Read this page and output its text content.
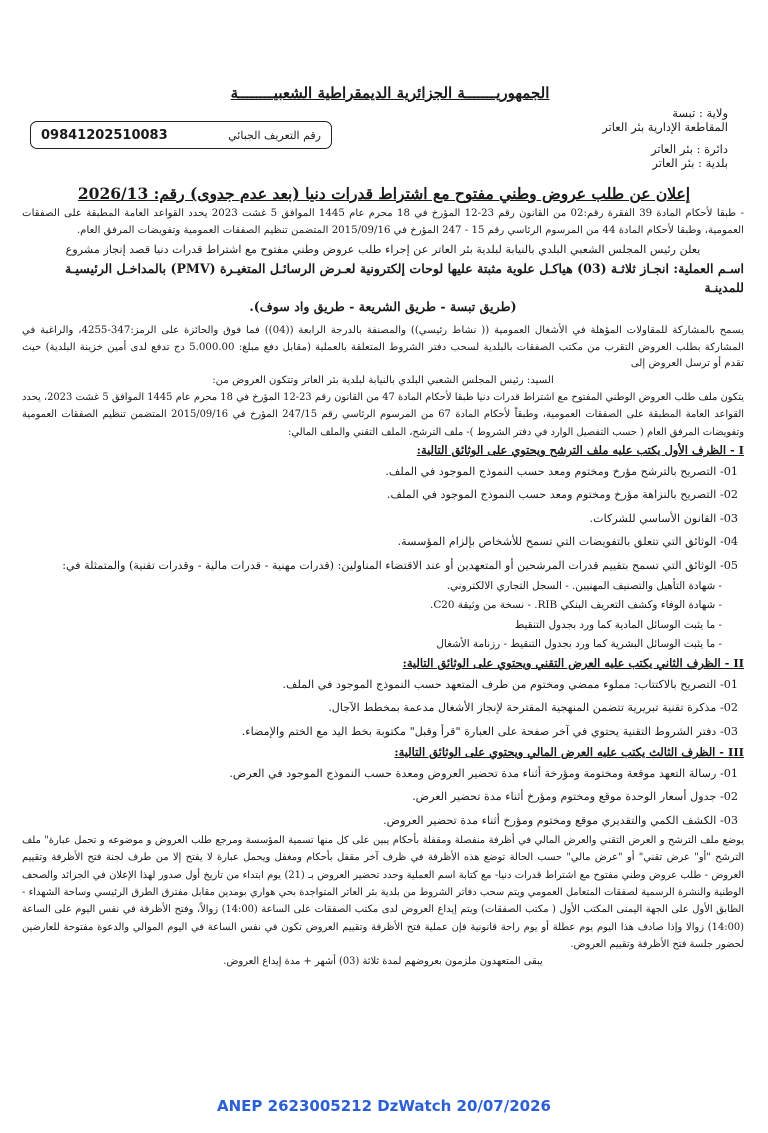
الجمهوريـــــــة الجزائرية الديمقراطية الشعبيــــــــة
ولاية : تبسة
المقاطعة الإدارية بئر العاتر
دائرة : بئر العاتر
بلدية : بئر العاتر
رقم التعريف الجبائي
09841202510083
إعلان عن طلب عروض وطني مفتوح مع اشتراط قدرات دنيا (بعد عدم جدوى) رقم: 2026/13

- طبقا لأحكام المادة 39 الفقرة رقم:02 من القانون رقم 23-12 المؤرخ في 18 محرم عام 1445 الموافق 5 غشت 2023 يحدد القواعد العامة المطبقة على الصفقات العمومية، وطبقا لأحكام المادة 44 من المرسوم الرئاسي رقم 15 - 247 المؤرخ في 2015/09/16 المتضمن تنظيم الصفقات العمومية وتفويضات المرفق العام.

يعلن رئيس المجلس الشعبي البلدي بالنيابة لبلدية بئر العاتر عن إجراء طلب عروض وطني مفتوح مع اشتراط قدرات دنيا قصد إنجاز مشروع

اسـم العملية: انجـاز ثلاثـة (03) هياكـل علوية مثبتة عليها لوحات إلكترونية لعـرض الرسائـل المتغيـرة (PMV) بالمداخـل الرئيسيـة للمدينـة

(طريق تبسة - طريق الشريعة - طريق واد سوف).

يسمح بالمشاركة للمقاولات المؤهلة في الأشغال العمومية (( نشاط رئيسي)) والمصنفة بالدرجة الرابعة ((04)) فما فوق والحائزة على الرمز:347-4255، والراغبة في المشاركة بطلب العروض التقرب من مكتب الصفقات بالبلدية لسحب دفتر الشروط المتعلقة بالعملية (مقابل دفع مبلغ: 5.000.00 دج تدفع لدى أمين خزينة البلدية) حيث تقدم أو ترسل العروض إلى

السيد: رئيس المجلس الشعبي البلدي بالنيابة لبلدية بئر العاتر وتتكون العروض من:

يتكون ملف طلب العروض الوطني المفتوح مع اشتراط قدرات دنيا طبقا لأحكام المادة 47 من القانون رقم 23-12 المؤرخ في 18 محرم عام 1445 الموافق 5 غشت 2023، يحدد القواعد العامة المطبقة على الصفقات العمومية، وطبقاً لأحكام المادة 67 من المرسوم الرئاسي رقم 247/15 المؤرخ في 2015/09/16 المتضمن تنظيم الصفقات العمومية وتفويضات المرفق العام ( حسب التفصيل الوارد في دفتر الشروط )- ملف الترشح، الملف التقني والملف المالي:

I - الظرف الأول يكتب عليه ملف الترشح ويحتوي على الوثائق التالية:

01- التصريح بالترشح مؤرخ ومختوم ومعد حسب النموذج الموجود في الملف.

02- التصريح بالنزاهة مؤرخ ومختوم ومعد حسب النموذج الموجود في الملف.

03- القانون الأساسي للشركات.

04- الوثائق التي تتعلق بالتفويضات التي تسمح للأشخاص بإلزام المؤسسة.

05- الوثائق التي تسمح بتقييم قدرات المرشحين أو المتعهدين أو عند الاقتضاء المناولين: (قدرات مهنية - قدرات مالية - وقدرات تقنية) والمتمثلة في:

- شهادة التأهيل والتصنيف المهنيين. - السجل التجاري الالكتروني.

- شهادة الوفاء وكشف التعريف البنكي RIB. - نسخة من وثيقة C20.

- ما يثبت الوسائل المادية كما ورد بجدول التنقيط

- ما يثبت الوسائل البشرية كما ورد بجدول التنقيط - رزنامة الأشغال

II - الظرف الثاني يكتب عليه العرض التقني ويحتوي على الوثائق التالية:

01- التصريح بالاكتتاب: مملوء ممضي ومختوم من طرف المتعهد حسب النموذج الموجود في الملف.

02- مذكرة تقنية تبريرية تتضمن المنهجية المقترحة لإنجاز الأشغال مدعمة بمخطط الآجال.

03- دفتر الشروط التقنية يحتوي في آخر صفحة على العبارة "قرأ وقبل" مكتوبة بخط اليد مع الختم والإمضاء.

III - الظرف الثالث يكتب عليه العرض المالي ويحتوي على الوثائق التالية:

01- رسالة التعهد موقعة ومختومة ومؤرخة أثناء مدة تحضير العروض ومعدة حسب النموذج الموجود في العرض.

02- جدول أسعار الوحدة موقع ومختوم ومؤرخ أثناء مدة تحضير العرض.

03- الكشف الكمي والتقديري موقع ومختوم ومؤرخ أثناء مدة تحضير العروض.

يوضع ملف الترشح و العرض التقني والعرض المالي في أظرفة منفصلة ومقفلة بأحكام يبين على كل منها تسمية المؤسسة ومرجع طلب العروض و موضوعه و تحمل عبارة" ملف الترشح "أو" عرض تقني" أو "عرض مالي" حسب الحالة توضع هذه الأظرفة في ظرف آخر مقفل بأحكام ومغفل ويحمل عبارة لا يفتح إلا من طرف لجنة فتح الأظرفة وتقييم العروض - طلب عروض وطني مفتوح مع اشتراط قدرات دنيا- مع كتابة اسم العملية وحدد تحضير العروض بـ (21) يوم ابتداء من تاريخ أول صدور لهذا الإعلان في الجرائد والصحف الوطنية والنشرة الرسمية لصفقات المتعامل العمومي ويتم سحب دفاتر الشروط من بلدية بئر العاتر المتواجدة بحي هواري بومدين مقابل مفترق الطرق الرئيسي وساحة الشهداء - الطابق الأول على الجهة اليمنى المكتب الأول ( مكتب الصفقات) ويتم إيداع العروض لدى مكتب الصفقات على الساعة (14:00) زوالاً، وفتح الأظرفة في نفس اليوم على الساعة (14:00) زوالا وإذا صادف هذا اليوم يوم عطلة أو يوم راحة قانونية فإن عملية فتح الأظرفة وتقييم العروض تكون في نفس الساعة في اليوم الموالي والدعوة مفتوحة للعارضين لحضور جلسة فتح الأظرفة وتقييم العروض.

يبقى المتعهدون ملزمون بعروضهم لمدة ثلاثة (03) أشهر + مدة إيداع العروض.

ANEP 2623005212 DzWatch 20/07/2026
